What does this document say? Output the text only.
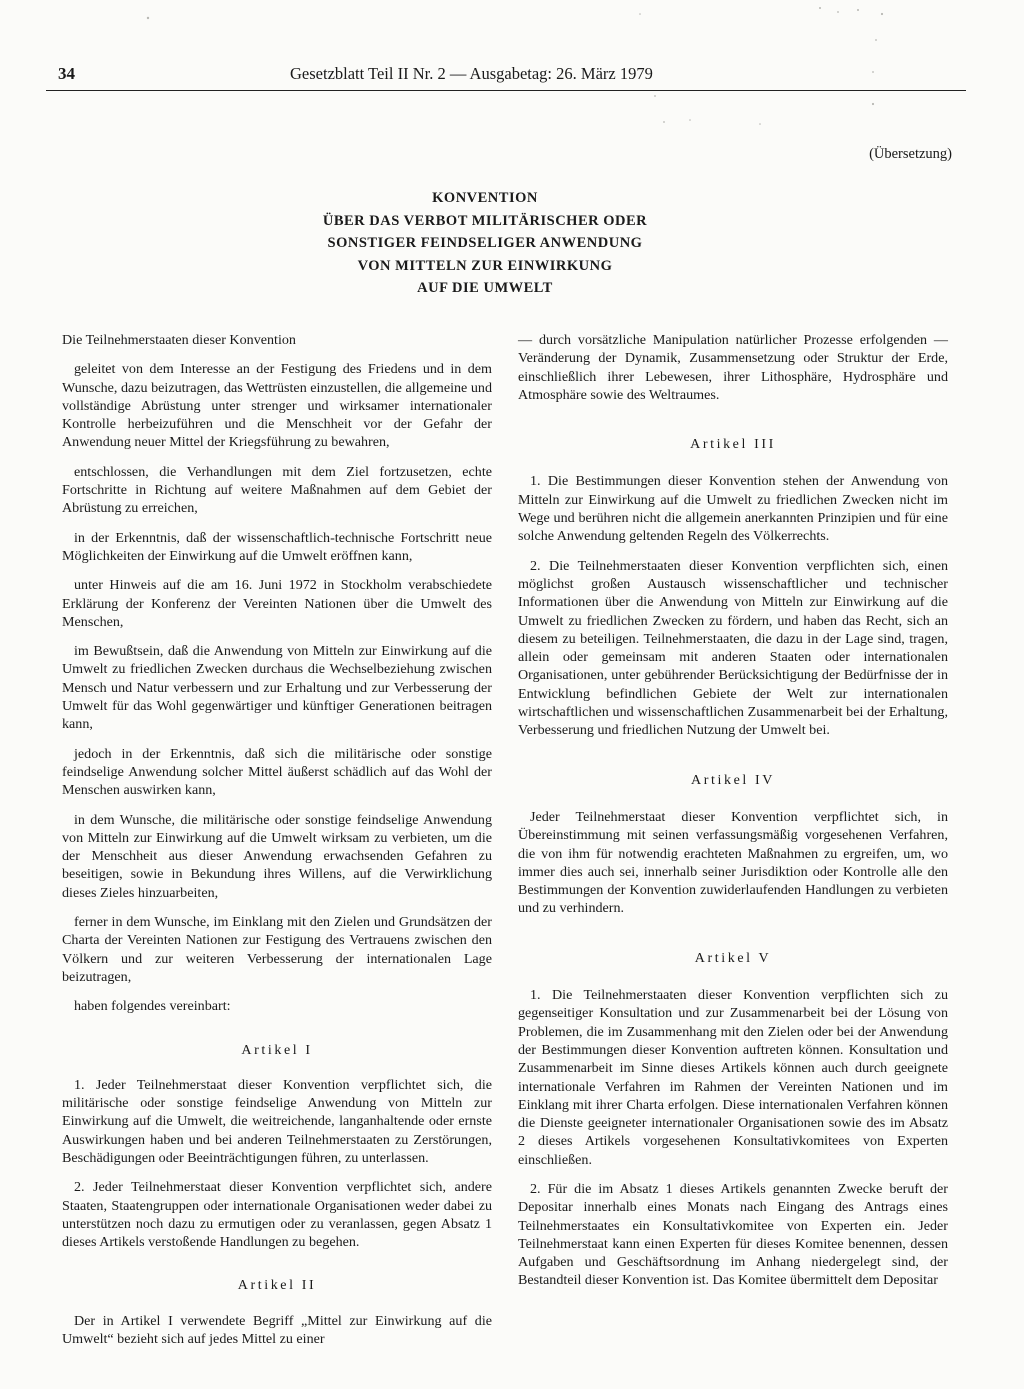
34	Gesetzblatt Teil II Nr. 2 — Ausgabetag: 26. März 1979
(Übersetzung)
KONVENTION
ÜBER DAS VERBOT MILITÄRISCHER ODER
SONSTIGER FEINDSELIGER ANWENDUNG
VON MITTELN ZUR EINWIRKUNG
AUF DIE UMWELT

Die Teilnehmerstaaten dieser Konvention

geleitet von dem Interesse an der Festigung des Friedens und in dem Wunsche, dazu beizutragen, das Wettrüsten einzustellen, die allgemeine und vollständige Abrüstung unter strenger und wirksamer internationaler Kontrolle herbeizuführen und die Menschheit vor der Gefahr der Anwendung neuer Mittel der Kriegsführung zu bewahren,

entschlossen, die Verhandlungen mit dem Ziel fortzusetzen, echte Fortschritte in Richtung auf weitere Maßnahmen auf dem Gebiet der Abrüstung zu erreichen,

in der Erkenntnis, daß der wissenschaftlich-technische Fortschritt neue Möglichkeiten der Einwirkung auf die Umwelt eröffnen kann,

unter Hinweis auf die am 16. Juni 1972 in Stockholm verabschiedete Erklärung der Konferenz der Vereinten Nationen über die Umwelt des Menschen,

im Bewußtsein, daß die Anwendung von Mitteln zur Einwirkung auf die Umwelt zu friedlichen Zwecken durchaus die Wechselbeziehung zwischen Mensch und Natur verbessern und zur Erhaltung und zur Verbesserung der Umwelt für das Wohl gegenwärtiger und künftiger Generationen beitragen kann,

jedoch in der Erkenntnis, daß sich die militärische oder sonstige feindselige Anwendung solcher Mittel äußerst schädlich auf das Wohl der Menschen auswirken kann,

in dem Wunsche, die militärische oder sonstige feindselige Anwendung von Mitteln zur Einwirkung auf die Umwelt wirksam zu verbieten, um die der Menschheit aus dieser Anwendung erwachsenden Gefahren zu beseitigen, sowie in Bekundung ihres Willens, auf die Verwirklichung dieses Zieles hinzuarbeiten,

ferner in dem Wunsche, im Einklang mit den Zielen und Grundsätzen der Charta der Vereinten Nationen zur Festigung des Vertrauens zwischen den Völkern und zur weiteren Verbesserung der internationalen Lage beizutragen,

haben folgendes vereinbart:

Artikel I

1. Jeder Teilnehmerstaat dieser Konvention verpflichtet sich, die militärische oder sonstige feindselige Anwendung von Mitteln zur Einwirkung auf die Umwelt, die weitreichende, langanhaltende oder ernste Auswirkungen haben und bei anderen Teilnehmerstaaten zu Zerstörungen, Beschädigungen oder Beeinträchtigungen führen, zu unterlassen.

2. Jeder Teilnehmerstaat dieser Konvention verpflichtet sich, andere Staaten, Staatengruppen oder internationale Organisationen weder dabei zu unterstützen noch dazu zu ermutigen oder zu veranlassen, gegen Absatz 1 dieses Artikels verstoßende Handlungen zu begehen.

Artikel II

Der in Artikel I verwendete Begriff „Mittel zur Einwirkung auf die Umwelt“ bezieht sich auf jedes Mittel zu einer

— durch vorsätzliche Manipulation natürlicher Prozesse erfolgenden — Veränderung der Dynamik, Zusammensetzung oder Struktur der Erde, einschließlich ihrer Lebewesen, ihrer Lithosphäre, Hydrosphäre und Atmosphäre sowie des Weltraumes.

Artikel III

1. Die Bestimmungen dieser Konvention stehen der Anwendung von Mitteln zur Einwirkung auf die Umwelt zu friedlichen Zwecken nicht im Wege und berühren nicht die allgemein anerkannten Prinzipien und für eine solche Anwendung geltenden Regeln des Völkerrechts.

2. Die Teilnehmerstaaten dieser Konvention verpflichten sich, einen möglichst großen Austausch wissenschaftlicher und technischer Informationen über die Anwendung von Mitteln zur Einwirkung auf die Umwelt zu friedlichen Zwecken zu fördern, und haben das Recht, sich an diesem zu beteiligen. Teilnehmerstaaten, die dazu in der Lage sind, tragen, allein oder gemeinsam mit anderen Staaten oder internationalen Organisationen, unter gebührender Berücksichtigung der Bedürfnisse der in Entwicklung befindlichen Gebiete der Welt zur internationalen wirtschaftlichen und wissenschaftlichen Zusammenarbeit bei der Erhaltung, Verbesserung und friedlichen Nutzung der Umwelt bei.

Artikel IV

Jeder Teilnehmerstaat dieser Konvention verpflichtet sich, in Übereinstimmung mit seinen verfassungsmäßig vorgesehenen Verfahren, die von ihm für notwendig erachteten Maßnahmen zu ergreifen, um, wo immer dies auch sei, innerhalb seiner Jurisdiktion oder Kontrolle alle den Bestimmungen der Konvention zuwiderlaufenden Handlungen zu verbieten und zu verhindern.

Artikel V

1. Die Teilnehmerstaaten dieser Konvention verpflichten sich zu gegenseitiger Konsultation und zur Zusammenarbeit bei der Lösung von Problemen, die im Zusammenhang mit den Zielen oder bei der Anwendung der Bestimmungen dieser Konvention auftreten können. Konsultation und Zusammenarbeit im Sinne dieses Artikels können auch durch geeignete internationale Verfahren im Rahmen der Vereinten Nationen und im Einklang mit ihrer Charta erfolgen. Diese internationalen Verfahren können die Dienste geeigneter internationaler Organisationen sowie des im Absatz 2 dieses Artikels vorgesehenen Konsultativkomitees von Experten einschließen.

2. Für die im Absatz 1 dieses Artikels genannten Zwecke beruft der Depositar innerhalb eines Monats nach Eingang des Antrags eines Teilnehmerstaates ein Konsultativkomitee von Experten ein. Jeder Teilnehmerstaat kann einen Experten für dieses Komitee benennen, dessen Aufgaben und Geschäftsordnung im Anhang niedergelegt sind, der Bestandteil dieser Konvention ist. Das Komitee übermittelt dem Depositar
